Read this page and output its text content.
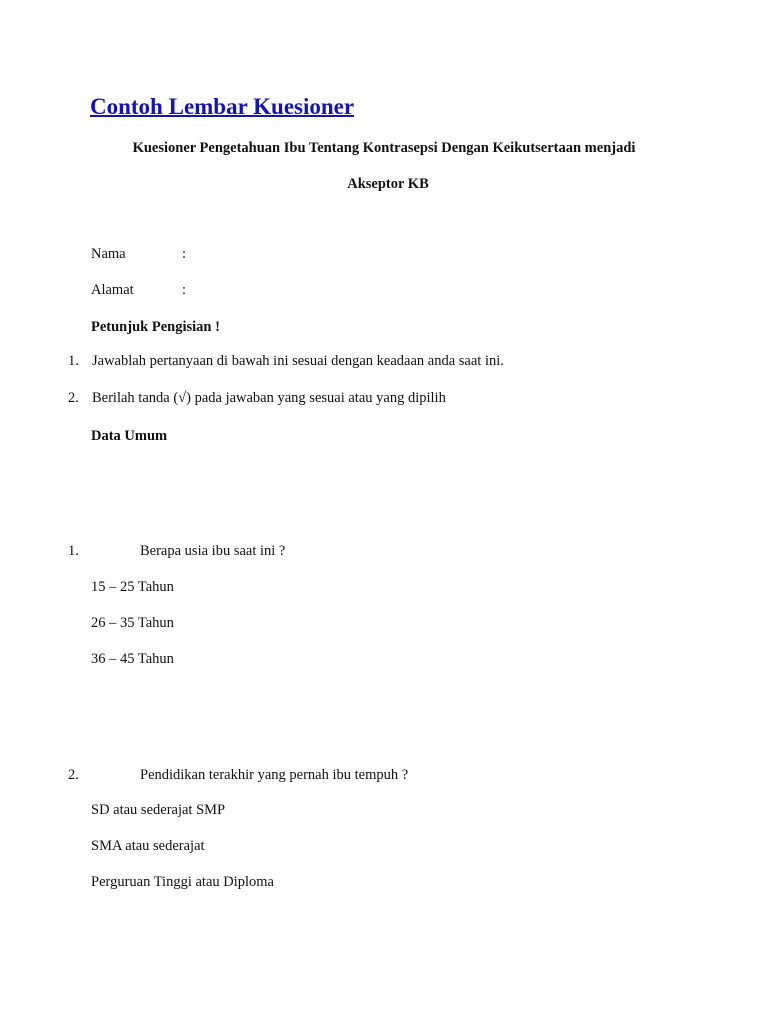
Contoh Lembar Kuesioner
Kuesioner Pengetahuan Ibu Tentang Kontrasepsi Dengan Keikutsertaan menjadi
Akseptor KB
Nama	:
Alamat	:
Petunjuk Pengisian !
1. Jawablah pertanyaan di bawah ini sesuai dengan keadaan anda saat ini.
2. Berilah tanda (√) pada jawaban yang sesuai atau yang dipilih
Data Umum
1.	Berapa usia ibu saat ini ?
15 – 25 Tahun
26 – 35 Tahun
36 – 45 Tahun
2.	Pendidikan terakhir yang pernah ibu tempuh ?
SD atau sederajat SMP
SMA atau sederajat
Perguruan Tinggi atau Diploma
